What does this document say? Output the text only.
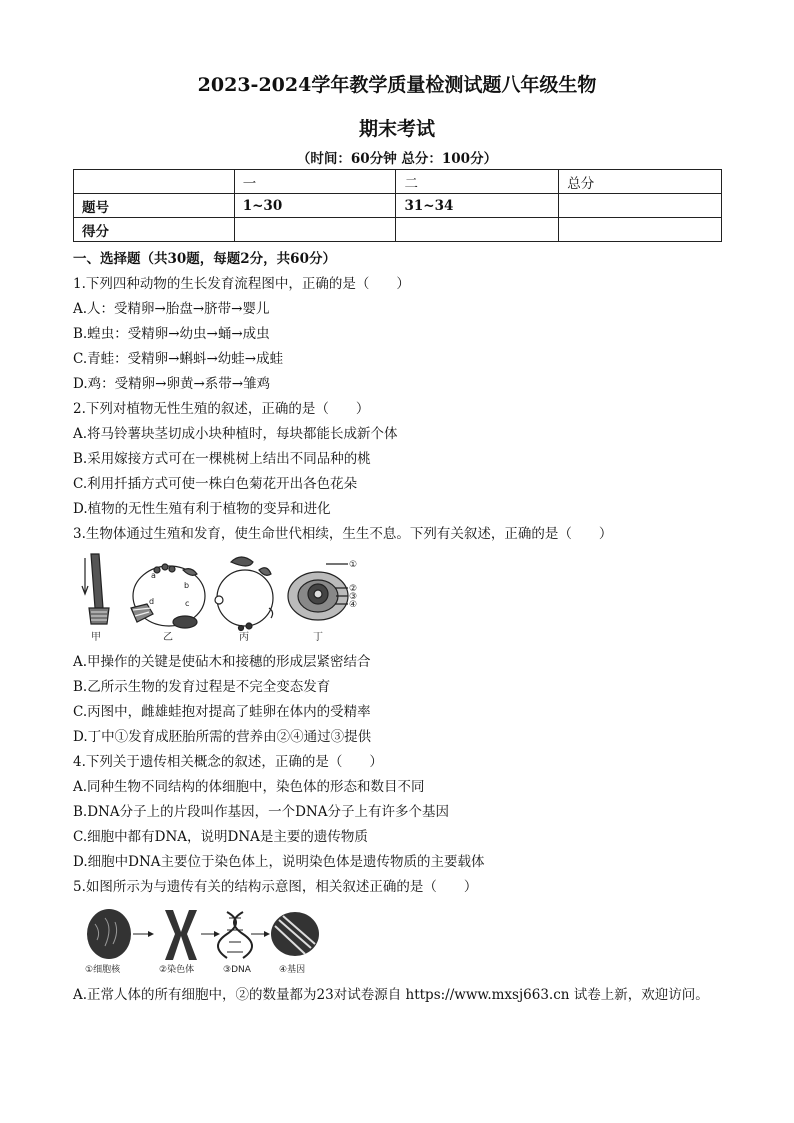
2023-2024学年教学质量检测试题八年级生物
期末考试
（时间：60分钟 总分：100分）
	一	二	总分
题号	1~30	31~34	
得分			
一、选择题（共30题，每题2分，共60分）
1.下列四种动物的生长发育流程图中，正确的是（　　）
A.人：受精卵→胎盘→脐带→婴儿
B.蝗虫：受精卵→幼虫→蛹→成虫
C.青蛙：受精卵→蝌蚪→幼蛙→成蛙
D.鸡：受精卵→卵黄→系带→雏鸡
2.下列对植物无性生殖的叙述，正确的是（　　）
A.将马铃薯块茎切成小块种植时，每块都能长成新个体
B.采用嫁接方式可在一棵桃树上结出不同品种的桃
C.利用扦插方式可使一株白色菊花开出各色花朵
D.植物的无性生殖有利于植物的变异和进化
3.生物体通过生殖和发育，使生命世代相续，生生不息。下列有关叙述，正确的是（　　）
a
b
c
d
①
②
③
④
甲	乙	丙	丁
A.甲操作的关键是使砧木和接穗的形成层紧密结合
B.乙所示生物的发育过程是不完全变态发育
C.丙图中，雌雄蛙抱对提高了蛙卵在体内的受精率
D.丁中①发育成胚胎所需的营养由②④通过③提供
4.下列关于遗传相关概念的叙述，正确的是（　　）
A.同种生物不同结构的体细胞中，染色体的形态和数目不同
B.DNA分子上的片段叫作基因，一个DNA分子上有许多个基因
C.细胞中都有DNA，说明DNA是主要的遗传物质
D.细胞中DNA主要位于染色体上，说明染色体是遗传物质的主要载体
5.如图所示为与遗传有关的结构示意图，相关叙述正确的是（　　）
①细胞核	②染色体	③DNA	④基因
A.正常人体的所有细胞中，②的数量都为23对试卷源自 https://www.mxsj663.cn 试卷上新，欢迎访问。
